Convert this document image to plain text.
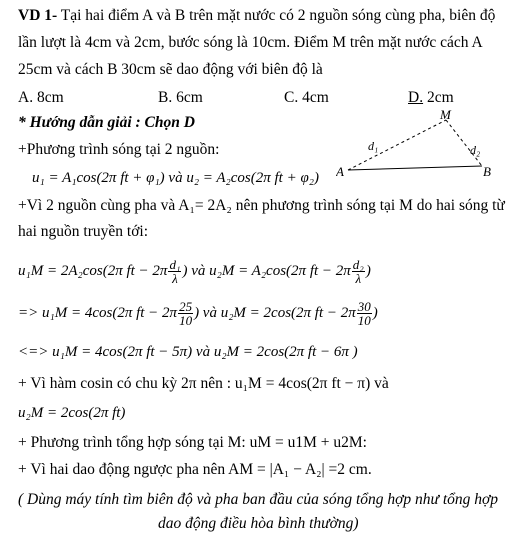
VD 1- Tại hai điểm A và B trên mặt nước có 2 nguồn sóng cùng pha, biên độ
lần lượt là 4cm và 2cm, bước sóng là 10cm. Điểm M trên mặt nước cách A
25cm và cách B 30cm sẽ dao động với biên độ là
A. 8cm	B. 6cm	C. 4cm	D. 2cm
* Hướng dẫn giải : Chọn D
+Phương trình sóng tại 2 nguồn:
u₁ = A₁cos(2π ft + φ₁) và u₂ = A₂cos(2π ft + φ₂)
+Vì 2 nguồn cùng pha và A₁= 2A₂ nên phương trình sóng tại M do hai sóng từ
hai nguồn truyền tới:
u₁M = 2A₂cos(2π ft − $2\pi \frac{\text{d₁}}{\lambda}$ ) và u₂M = A₂cos(2π ft − $2\pi \frac{\text{d₂}}{\lambda}$ )
=> u₁M = 4cos(2π ft − $2\pi \frac{25}{10}$ ) và u₂M = 2cos(2π ft − $2\pi \frac{30}{10}$ )
<=> u₁M = 4cos(2π ft − 5π) và u₂M = 2cos(2π ft − 6π )
+ Vì hàm cosin có chu kỳ 2π nên : u₁M = 4cos(2π ft − π) và
u₂M = 2cos(2π ft)
+ Phương trình tổng hợp sóng tại M: uM = u1M + u2M:
+ Vì hai dao động ngược pha nên AM = |A₁ − A₂| =2 cm.
( Dùng máy tính tìm biên độ và pha ban đầu của sóng tổng hợp như tổng hợp
dao động điều hòa bình thường)
A	B
M
d₁	d₂
